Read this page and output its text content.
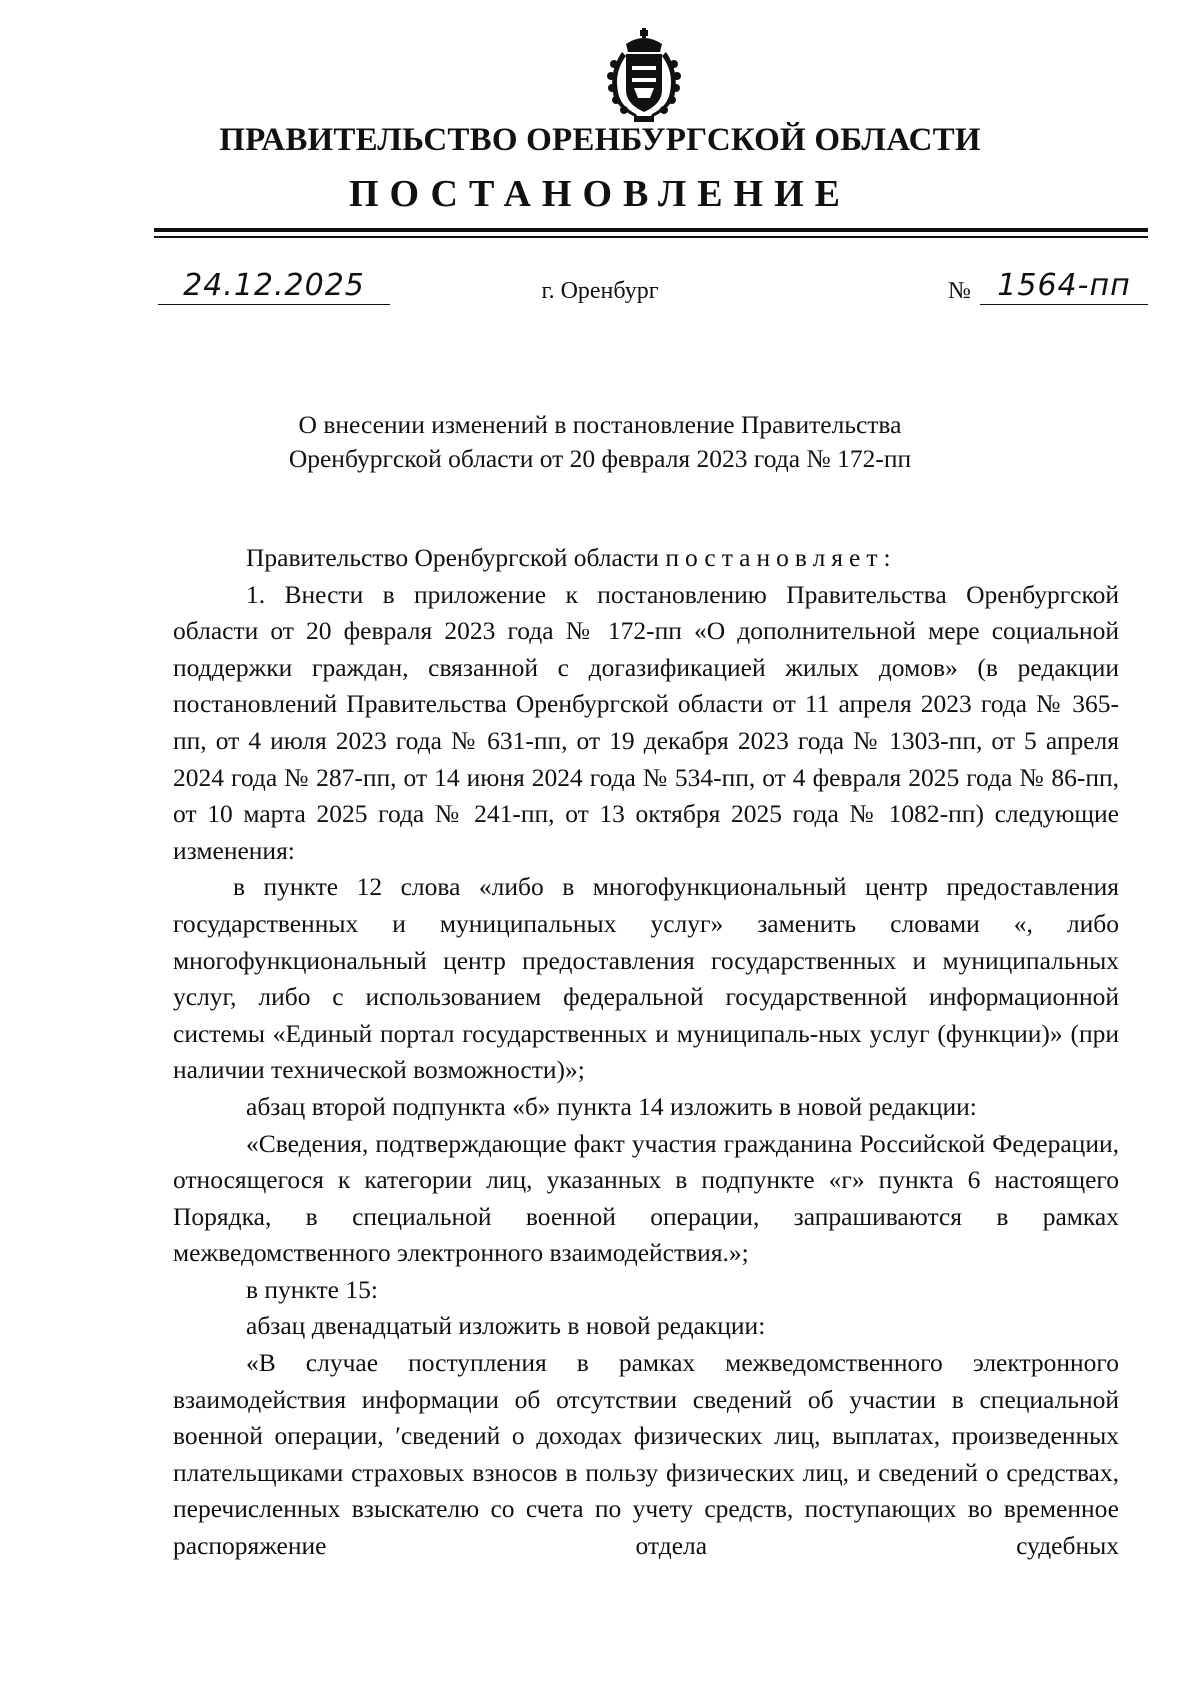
ПРАВИТЕЛЬСТВО ОРЕНБУРГСКОЙ ОБЛАСТИ
ПОСТАНОВЛЕНИЕ
24.12.2025	г. Оренбург	№ 1564-пп
О внесении изменений в постановление Правительства
Оренбургской области от 20 февраля 2023 года № 172-пп

Правительство Оренбургской области постановляет:

1. Внести в приложение к постановлению Правительства Оренбургской области от 20 февраля 2023 года № 172-пп «О дополнительной мере социальной поддержки граждан, связанной с догазификацией жилых домов» (в редакции постановлений Правительства Оренбургской области от 11 апреля 2023 года № 365-пп, от 4 июля 2023 года № 631-пп, от 19 декабря 2023 года № 1303-пп, от 5 апреля 2024 года № 287-пп, от 14 июня 2024 года № 534-пп, от 4 февраля 2025 года № 86-пп, от 10 марта 2025 года № 241-пп, от 13 октября 2025 года № 1082-пп) следующие изменения:

в пункте 12 слова «либо в многофункциональный центр предоставления государственных и муниципальных услуг» заменить словами «, либо многофункциональный центр предоставления государственных и муниципальных услуг, либо с использованием федеральной государственной информационной системы «Единый портал государственных и муниципаль-ных услуг (функции)» (при наличии технической возможности)»;

абзац второй подпункта «б» пункта 14 изложить в новой редакции:

«Сведения, подтверждающие факт участия гражданина Российской Федерации, относящегося к категории лиц, указанных в подпункте «г» пункта 6 настоящего Порядка, в специальной военной операции, запрашиваются в рамках межведомственного электронного взаимодействия.»;

в пункте 15:

абзац двенадцатый изложить в новой редакции:

«В случае поступления в рамках межведомственного электронного взаимодействия информации об отсутствии сведений об участии в специальной военной операции, ʹсведений о доходах физических лиц, выплатах, произведенных плательщиками страховых взносов в пользу физических лиц, и сведений о средствах, перечисленных взыскателю со счета по учету средств, поступающих во временное распоряжение отдела судебных
